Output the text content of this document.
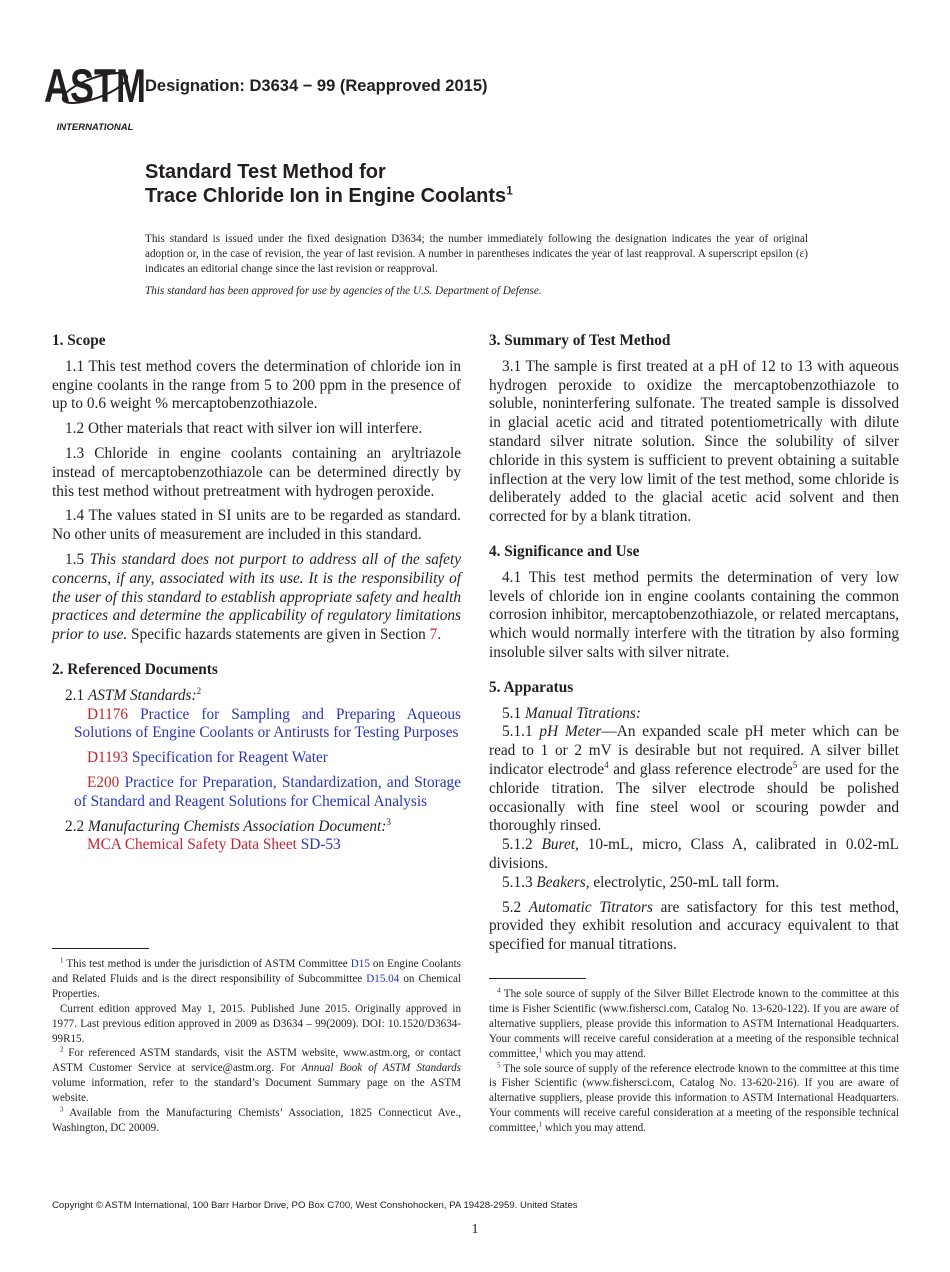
ASTM
INTERNATIONAL
Designation: D3634 − 99 (Reapproved 2015)
Standard Test Method for
Trace Chloride Ion in Engine Coolants$^1$

This standard is issued under the fixed designation D3634; the number immediately following the designation indicates the year of original adoption or, in the case of revision, the year of last revision. A number in parentheses indicates the year of last reapproval. A superscript epsilon (ε) indicates an editorial change since the last revision or reapproval.

This standard has been approved for use by agencies of the U.S. Department of Defense.

1. Scope

1.1 This test method covers the determination of chloride ion in engine coolants in the range from 5 to 200 ppm in the presence of up to 0.6 weight % mercaptobenzothiazole.

1.2 Other materials that react with silver ion will interfere.

1.3 Chloride in engine coolants containing an aryltriazole instead of mercaptobenzothiazole can be determined directly by this test method without pretreatment with hydrogen peroxide.

1.4 The values stated in SI units are to be regarded as standard. No other units of measurement are included in this standard.

1.5 This standard does not purport to address all of the safety concerns, if any, associated with its use. It is the responsibility of the user of this standard to establish appropriate safety and health practices and determine the applicability of regulatory limitations prior to use. Specific hazards statements are given in Section 7.

2. Referenced Documents

2.1 ASTM Standards:$^2$

D1176 Practice for Sampling and Preparing Aqueous Solutions of Engine Coolants or Antirusts for Testing Purposes

D1193 Specification for Reagent Water

E200 Practice for Preparation, Standardization, and Storage of Standard and Reagent Solutions for Chemical Analysis

2.2 Manufacturing Chemists Association Document:$^3$

MCA Chemical Safety Data Sheet SD-53

3. Summary of Test Method

3.1 The sample is first treated at a pH of 12 to 13 with aqueous hydrogen peroxide to oxidize the mercaptobenzothiazole to soluble, noninterfering sulfonate. The treated sample is dissolved in glacial acetic acid and titrated potentiometrically with dilute standard silver nitrate solution. Since the solubility of silver chloride in this system is sufficient to prevent obtaining a suitable inflection at the very low limit of the test method, some chloride is deliberately added to the glacial acetic acid solvent and then corrected for by a blank titration.

4. Significance and Use

4.1 This test method permits the determination of very low levels of chloride ion in engine coolants containing the common corrosion inhibitor, mercaptobenzothiazole, or related mercaptans, which would normally interfere with the titration by also forming insoluble silver salts with silver nitrate.

5. Apparatus

5.1 Manual Titrations:

5.1.1 pH Meter—An expanded scale pH meter which can be read to 1 or 2 mV is desirable but not required. A silver billet indicator electrode$^4$ and glass reference electrode$^5$ are used for the chloride titration. The silver electrode should be polished occasionally with fine steel wool or scouring powder and thoroughly rinsed.

5.1.2 Buret, 10-mL, micro, Class A, calibrated in 0.02-mL divisions.

5.1.3 Beakers, electrolytic, 250-mL tall form.

5.2 Automatic Titrators are satisfactory for this test method, provided they exhibit resolution and accuracy equivalent to that specified for manual titrations.

$^1$ This test method is under the jurisdiction of ASTM Committee D15 on Engine Coolants and Related Fluids and is the direct responsibility of Subcommittee D15.04 on Chemical Properties.

Current edition approved May 1, 2015. Published June 2015. Originally approved in 1977. Last previous edition approved in 2009 as D3634 – 99(2009). DOI: 10.1520/D3634-99R15.

$^2$ For referenced ASTM standards, visit the ASTM website, www.astm.org, or contact ASTM Customer Service at service@astm.org. For Annual Book of ASTM Standards volume information, refer to the standard’s Document Summary page on the ASTM website.

$^3$ Available from the Manufacturing Chemists’ Association, 1825 Connecticut Ave., Washington, DC 20009.

$^4$ The sole source of supply of the Silver Billet Electrode known to the committee at this time is Fisher Scientific (www.fishersci.com, Catalog No. 13-620-122). If you are aware of alternative suppliers, please provide this information to ASTM International Headquarters. Your comments will receive careful consideration at a meeting of the responsible technical committee,$^1$ which you may attend.

$^5$ The sole source of supply of the reference electrode known to the committee at this time is Fisher Scientific (www.fishersci.com, Catalog No. 13-620-216). If you are aware of alternative suppliers, please provide this information to ASTM International Headquarters. Your comments will receive careful consideration at a meeting of the responsible technical committee,$^1$ which you may attend.

Copyright © ASTM International, 100 Barr Harbor Drive, PO Box C700, West Conshohocken, PA 19428-2959. United States
1
